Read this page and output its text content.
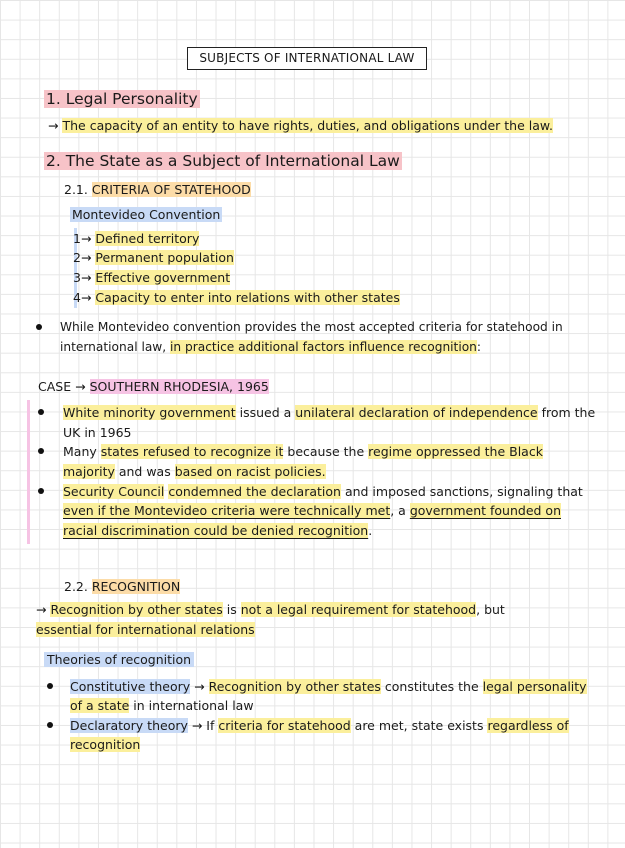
SUBJECTS OF INTERNATIONAL LAW
1. Legal Personality
→ The capacity of an entity to have rights, duties, and obligations under the law.
2. The State as a Subject of International Law
2.1. CRITERIA OF STATEHOOD
Montevideo Convention
1→ Defined territory
2→ Permanent population
3→ Effective government
4→ Capacity to enter into relations with other states
While Montevideo convention provides the most accepted criteria for statehood in
international law, in practice additional factors influence recognition:
CASE → SOUTHERN RHODESIA, 1965
White minority government issued a unilateral declaration of independence from the
UK in 1965
Many states refused to recognize it because the regime oppressed the Black
majority and was based on racist policies.
Security Council condemned the declaration and imposed sanctions, signaling that
even if the Montevideo criteria were technically met, a government founded on
racial discrimination could be denied recognition.
2.2. RECOGNITION
→ Recognition by other states is not a legal requirement for statehood, but
essential for international relations
Theories of recognition
Constitutive theory → Recognition by other states constitutes the legal personality
of a state in international law
Declaratory theory → If criteria for statehood are met, state exists regardless of
recognition
